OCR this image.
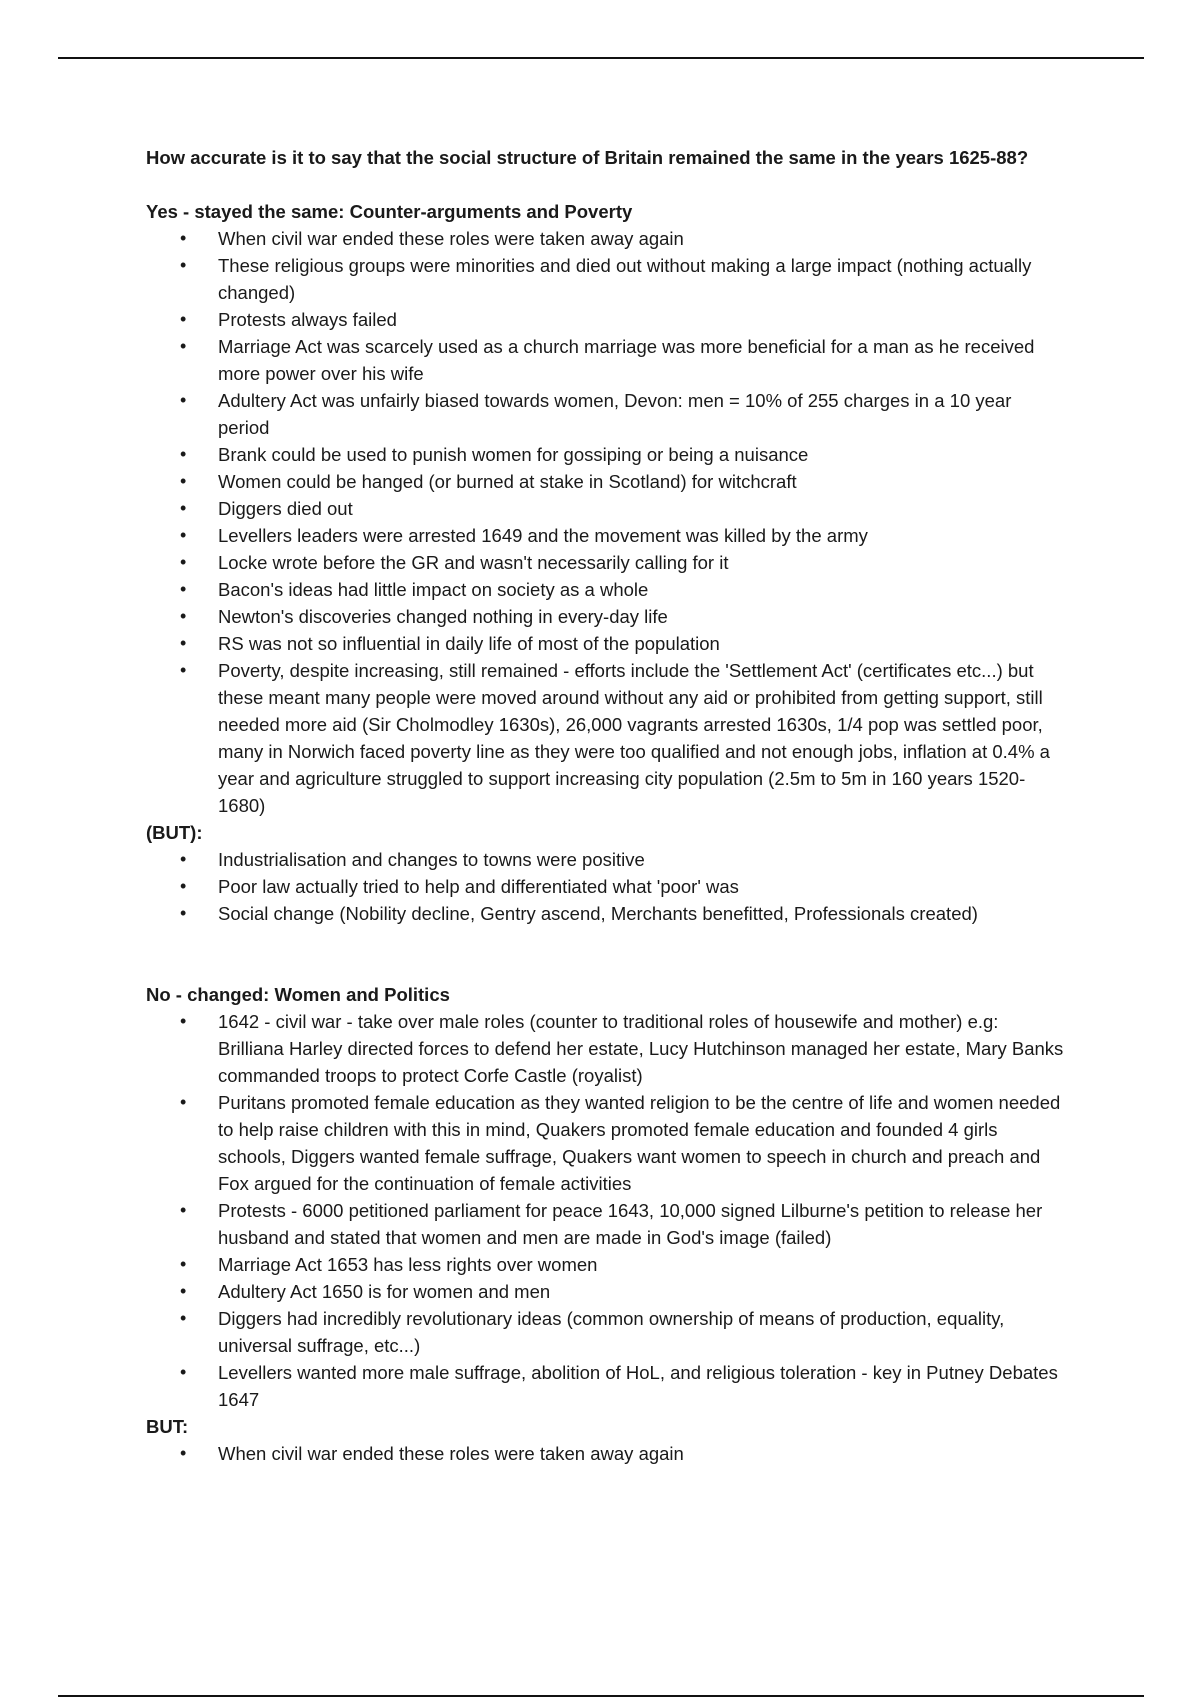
How accurate is it to say that the social structure of Britain remained the same in the years 1625-88?

Yes - stayed the same: Counter-arguments and Poverty

• When civil war ended these roles were taken away again
• These religious groups were minorities and died out without making a large impact (nothing actually changed)
• Protests always failed
• Marriage Act was scarcely used as a church marriage was more beneficial for a man as he received more power over his wife
• Adultery Act was unfairly biased towards women, Devon: men = 10% of 255 charges in a 10 year period
• Brank could be used to punish women for gossiping or being a nuisance
• Women could be hanged (or burned at stake in Scotland) for witchcraft
• Diggers died out
• Levellers leaders were arrested 1649 and the movement was killed by the army
• Locke wrote before the GR and wasn't necessarily calling for it
• Bacon's ideas had little impact on society as a whole
• Newton's discoveries changed nothing in every-day life
• RS was not so influential in daily life of most of the population
• Poverty, despite increasing, still remained - efforts include the 'Settlement Act' (certificates etc...) but these meant many people were moved around without any aid or prohibited from getting support, still needed more aid (Sir Cholmodley 1630s), 26,000 vagrants arrested 1630s, 1/4 pop was settled poor, many in Norwich faced poverty line as they were too qualified and not enough jobs, inflation at 0.4% a year and agriculture struggled to support increasing city population (2.5m to 5m in 160 years 1520-1680)

(BUT):

• Industrialisation and changes to towns were positive
• Poor law actually tried to help and differentiated what 'poor' was
• Social change (Nobility decline, Gentry ascend, Merchants benefitted, Professionals created)

No - changed: Women and Politics

• 1642 - civil war - take over male roles (counter to traditional roles of housewife and mother) e.g: Brilliana Harley directed forces to defend her estate, Lucy Hutchinson managed her estate, Mary Banks commanded troops to protect Corfe Castle (royalist)
• Puritans promoted female education as they wanted religion to be the centre of life and women needed to help raise children with this in mind, Quakers promoted female education and founded 4 girls schools, Diggers wanted female suffrage, Quakers want women to speech in church and preach and Fox argued for the continuation of female activities
• Protests - 6000 petitioned parliament for peace 1643, 10,000 signed Lilburne's petition to release her husband and stated that women and men are made in God's image (failed)
• Marriage Act 1653 has less rights over women
• Adultery Act 1650 is for women and men
• Diggers had incredibly revolutionary ideas (common ownership of means of production, equality, universal suffrage, etc...)
• Levellers wanted more male suffrage, abolition of HoL, and religious toleration - key in Putney Debates 1647

BUT:

• When civil war ended these roles were taken away again
